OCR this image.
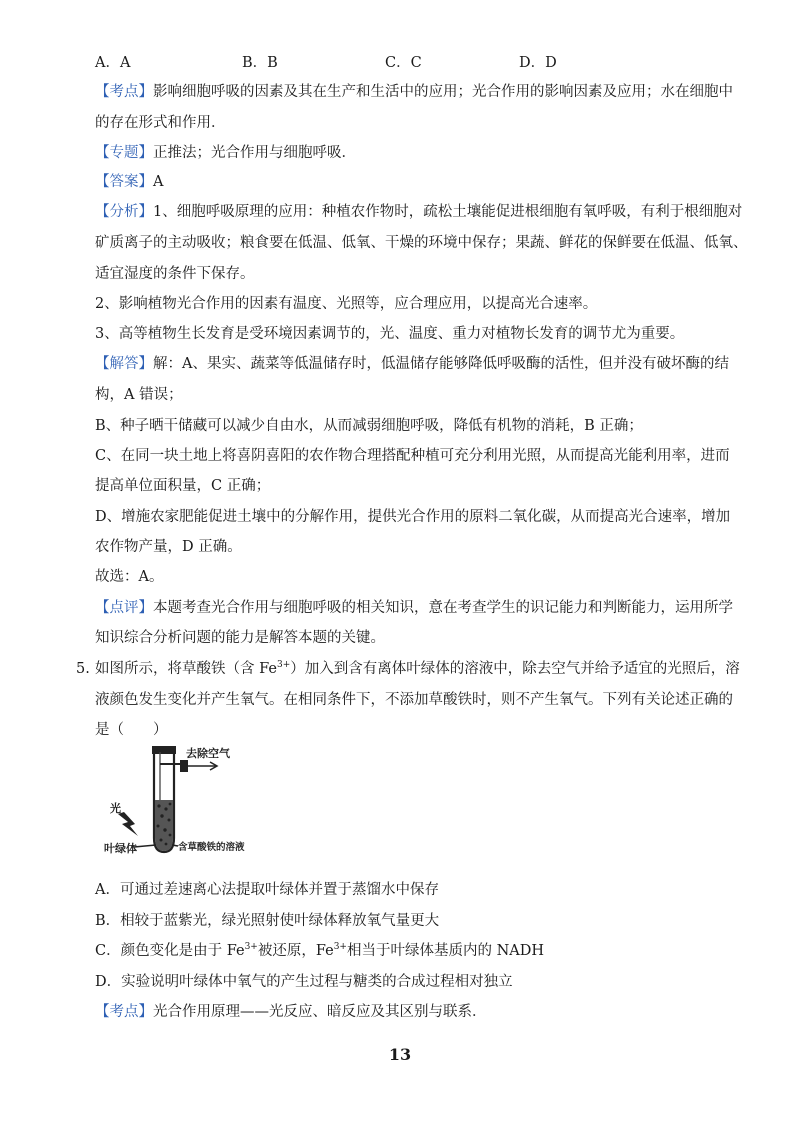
A．A	B．B	C．C	D．D
【考点】影响细胞呼吸的因素及其在生产和生活中的应用；光合作用的影响因素及应用；水在细胞中
的存在形式和作用．
【专题】正推法；光合作用与细胞呼吸．
【答案】A
【分析】1、细胞呼吸原理的应用：种植农作物时，疏松土壤能促进根细胞有氧呼吸，有利于根细胞对
矿质离子的主动吸收；粮食要在低温、低氧、干燥的环境中保存；果蔬、鲜花的保鲜要在低温、低氧、
适宜湿度的条件下保存。
2、影响植物光合作用的因素有温度、光照等，应合理应用，以提高光合速率。
3、高等植物生长发育是受环境因素调节的，光、温度、重力对植物长发育的调节尤为重要。
【解答】解：A、果实、蔬菜等低温储存时，低温储存能够降低呼吸酶的活性，但并没有破坏酶的结
构，A 错误；
B、种子晒干储藏可以减少自由水，从而减弱细胞呼吸，降低有机物的消耗，B 正确；
C、在同一块土地上将喜阴喜阳的农作物合理搭配种植可充分利用光照，从而提高光能利用率，进而
提高单位面积量，C 正确；
D、增施农家肥能促进土壤中的分解作用，提供光合作用的原料二氧化碳，从而提高光合速率，增加
农作物产量，D 正确。
故选：A。
【点评】本题考查光合作用与细胞呼吸的相关知识，意在考查学生的识记能力和判断能力，运用所学
知识综合分析问题的能力是解答本题的关键。
5. 如图所示，将草酸铁（含 $Fe^{3+}$）加入到含有离体叶绿体的溶液中，除去空气并给予适宜的光照后，溶
液颜色发生变化并产生氧气。在相同条件下，不添加草酸铁时，则不产生氧气。下列有关论述正确的
是（　　）
去除空气
光
叶绿体	含草酸铁的溶液
A．可通过差速离心法提取叶绿体并置于蒸馏水中保存
B．相较于蓝紫光，绿光照射使叶绿体释放氧气量更大
C．颜色变化是由于 $Fe^{3+}$被还原，$Fe^{3+}$相当于叶绿体基质内的 NADH
D．实验说明叶绿体中氧气的产生过程与糖类的合成过程相对独立
【考点】光合作用原理——光反应、暗反应及其区别与联系．
13
